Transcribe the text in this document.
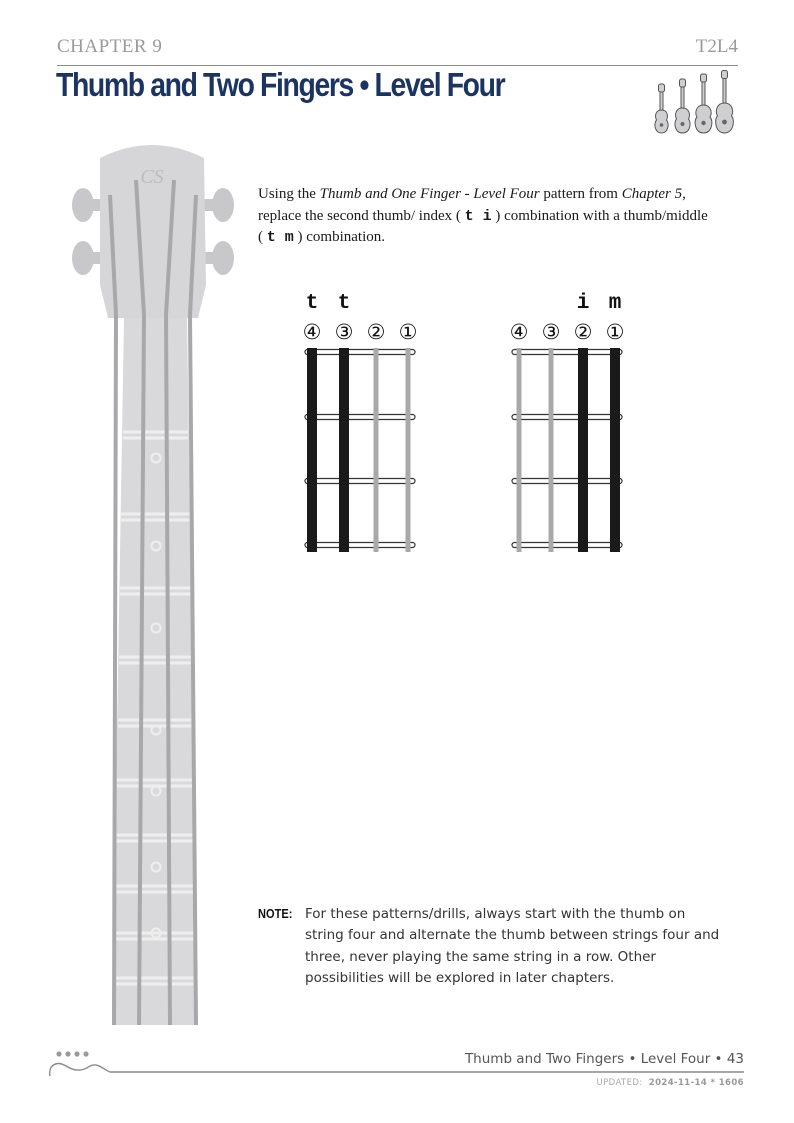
CHAPTER 9	T2L4
Thumb and Two Fingers • Level Four
CS
Using the Thumb and One Finger - Level Four pattern from Chapter 5, replace the second thumb/ index ( t i ) combination with a thumb/middle ( t m ) combination.
t t
④ ③ ② ①
i m
④ ③ ② ①
NOTE: For these patterns/drills, always start with the thumb on string four and alternate the thumb between strings four and three, never playing the same string in a row. Other possibilities will be explored in later chapters.
Thumb and Two Fingers • Level Four • 43
UPDATED: 2024-11-14 * 1606
